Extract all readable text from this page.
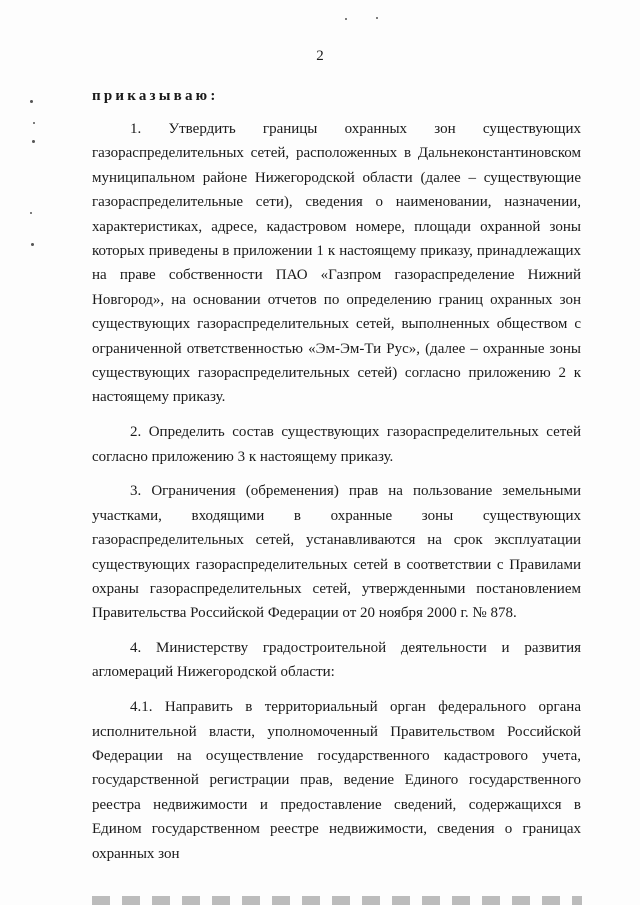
2
приказываю:

1. Утвердить границы охранных зон существующих газораспределительных сетей, расположенных в Дальнеконстантиновском муниципальном районе Нижегородской области (далее – существующие газораспределительные сети), сведения о наименовании, назначении, характеристиках, адресе, кадастровом номере, площади охранной зоны которых приведены в приложении 1 к настоящему приказу, принадлежащих на праве собственности ПАО «Газпром газораспределение Нижний Новгород», на основании отчетов по определению границ охранных зон существующих газораспределительных сетей, выполненных обществом с ограниченной ответственностью «Эм-Эм-Ти Рус», (далее – охранные зоны существующих газораспределительных сетей) согласно приложению 2 к настоящему приказу.

2. Определить состав существующих газораспределительных сетей согласно приложению 3 к настоящему приказу.

3. Ограничения (обременения) прав на пользование земельными участками, входящими в охранные зоны существующих газораспределительных сетей, устанавливаются на срок эксплуатации существующих газораспределительных сетей в соответствии с Правилами охраны газораспределительных сетей, утвержденными постановлением Правительства Российской Федерации от 20 ноября 2000 г. № 878.

4. Министерству градостроительной деятельности и развития агломераций Нижегородской области:

4.1. Направить в территориальный орган федерального органа исполнительной власти, уполномоченный Правительством Российской Федерации на осуществление государственного кадастрового учета, государственной регистрации прав, ведение Единого государственного реестра недвижимости и предоставление сведений, содержащихся в Едином государственном реестре недвижимости, сведения о границах охранных зон
